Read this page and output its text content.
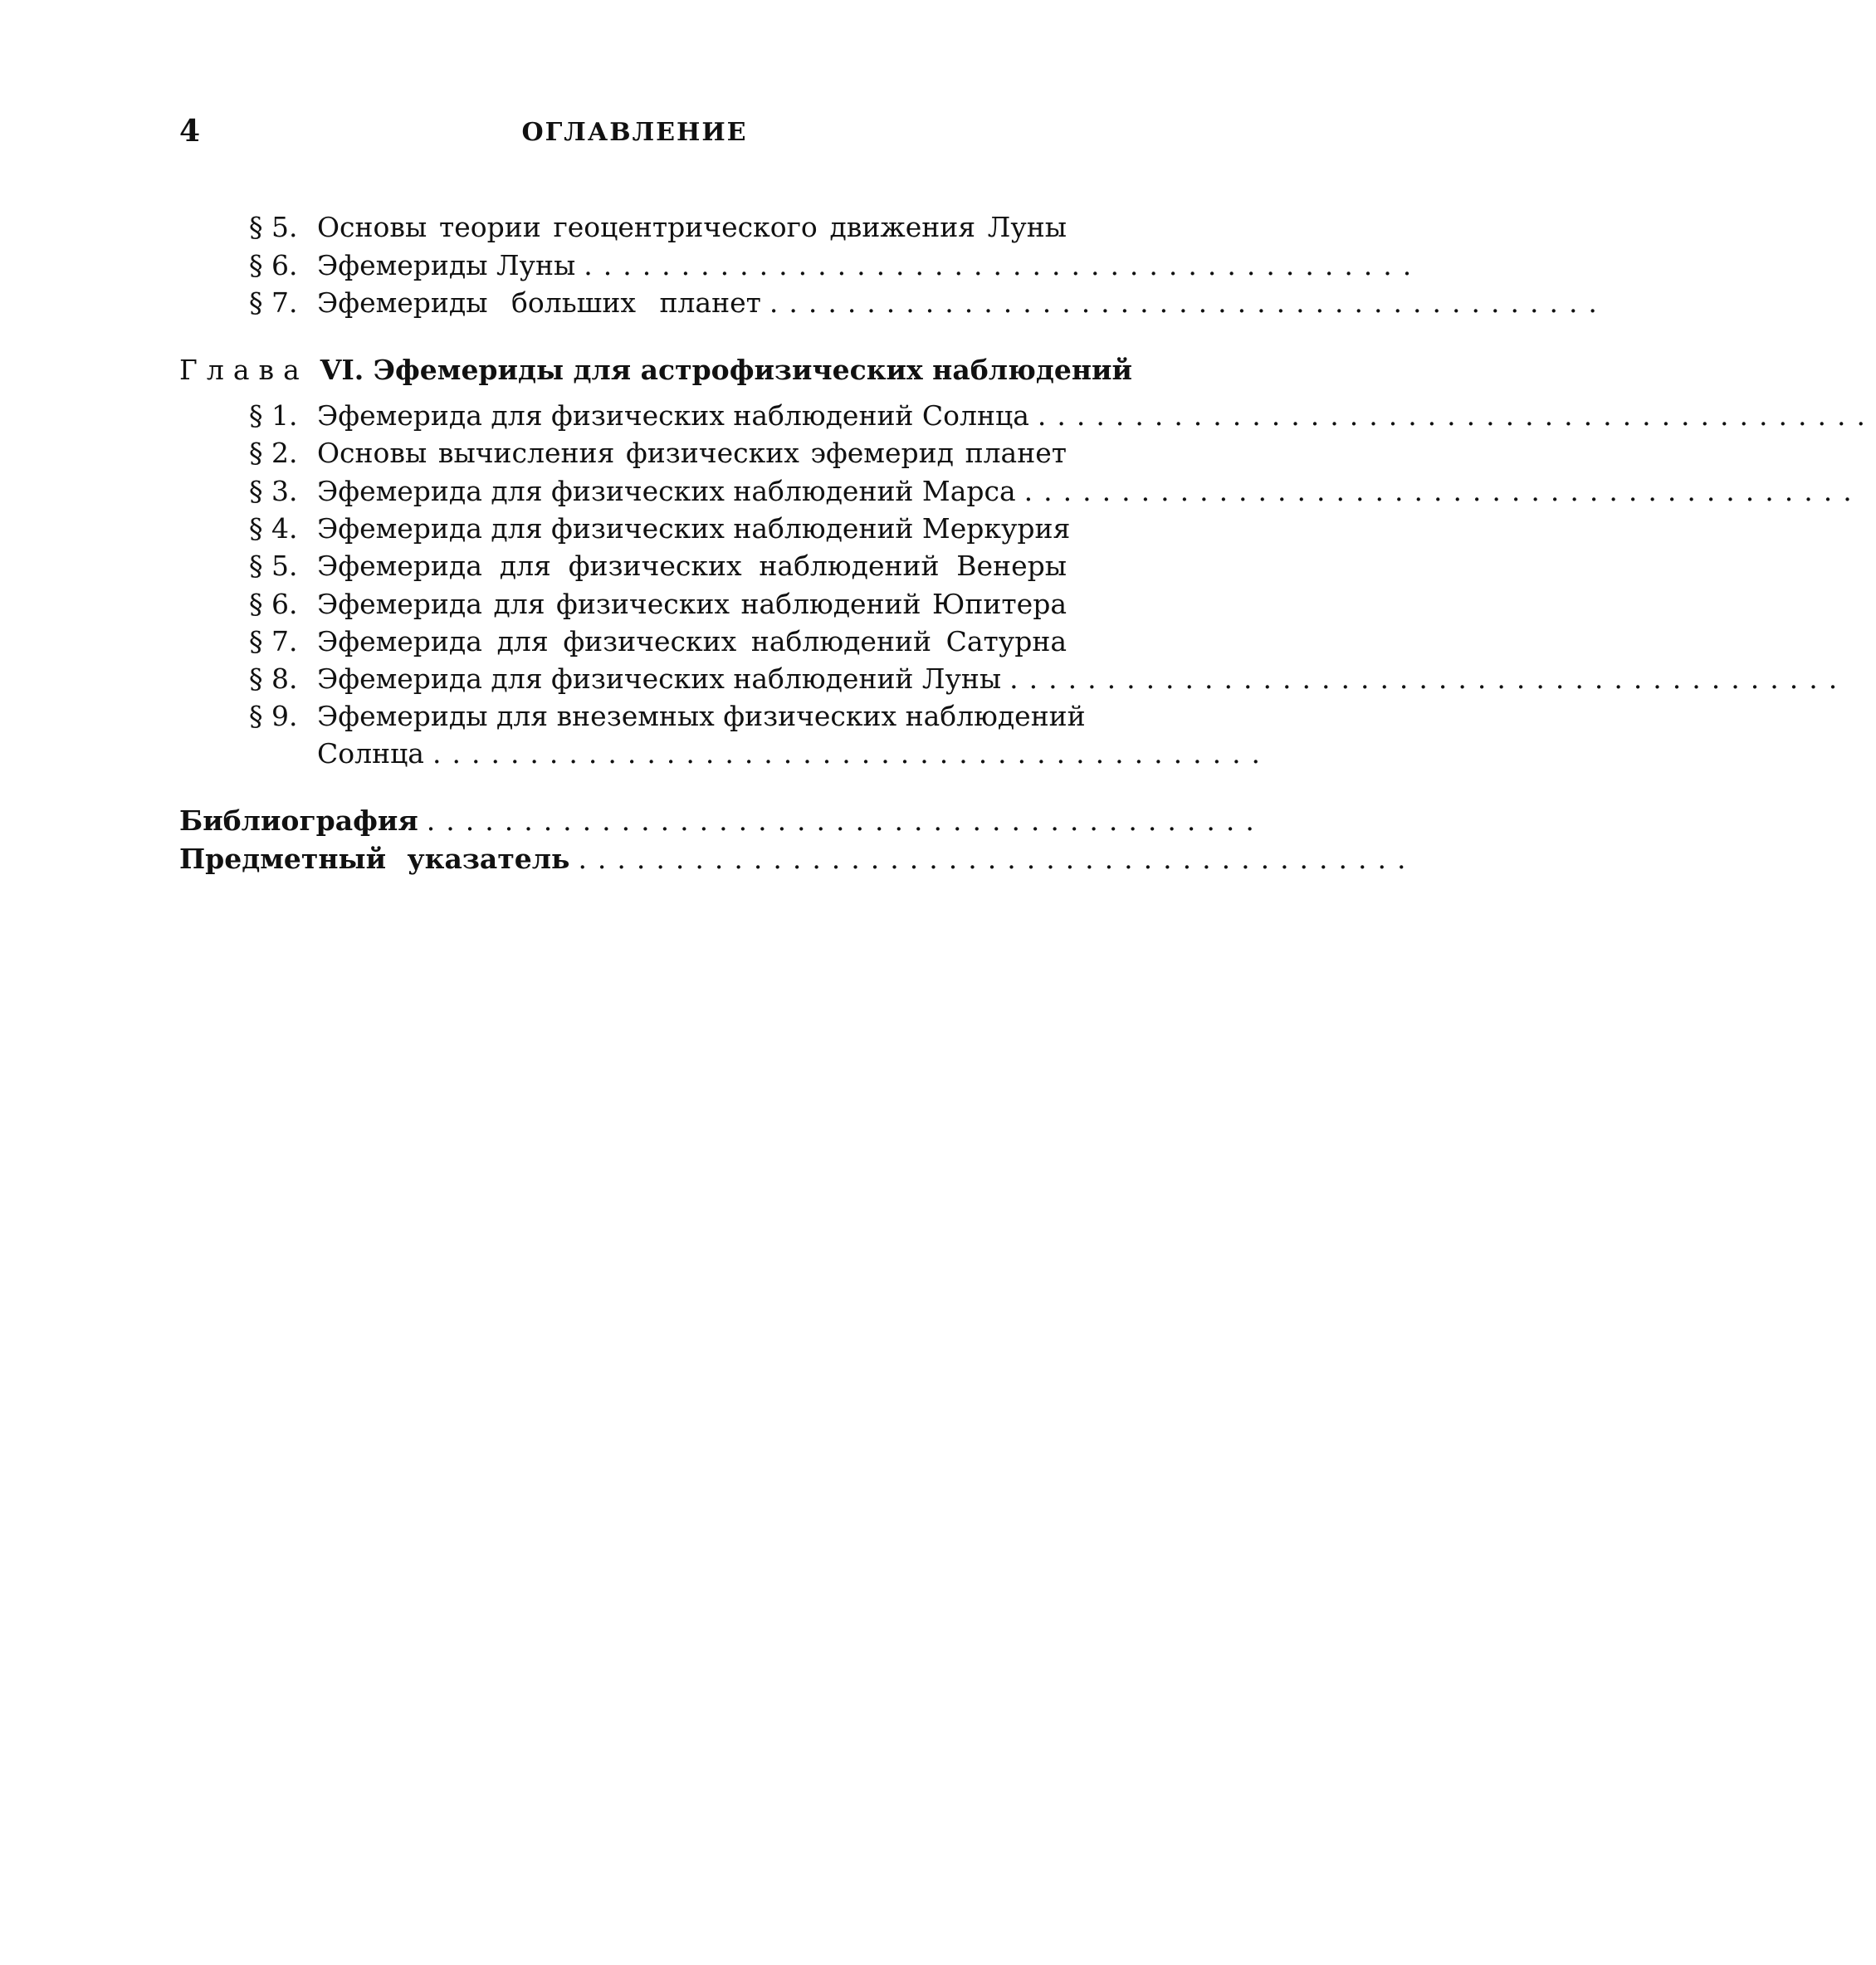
4	ОГЛАВЛЕНИЕ
§ 5. Основы теории геоцентрического движения Луны
§ 6. Эфемериды Луны ...........................................
§ 7. Эфемериды больших планет ...........................................
Глава VI. Эфемериды для астрофизических наблюдений
§ 1. Эфемерида для физических наблюдений Солнца ...........................................
§ 2. Основы вычисления физических эфемерид планет
§ 3. Эфемерида для физических наблюдений Марса ...........................................
§ 4. Эфемерида для физических наблюдений Меркурия
§ 5. Эфемерида для физических наблюдений Венеры
§ 6. Эфемерида для физических наблюдений Юпитера
§ 7. Эфемерида для физических наблюдений Сатурна
§ 8. Эфемерида для физических наблюдений Луны ...........................................
§ 9. Эфемериды для внеземных физических наблюдений
Солнца ...........................................
Библиография ...........................................
Предметный указатель ...........................................
